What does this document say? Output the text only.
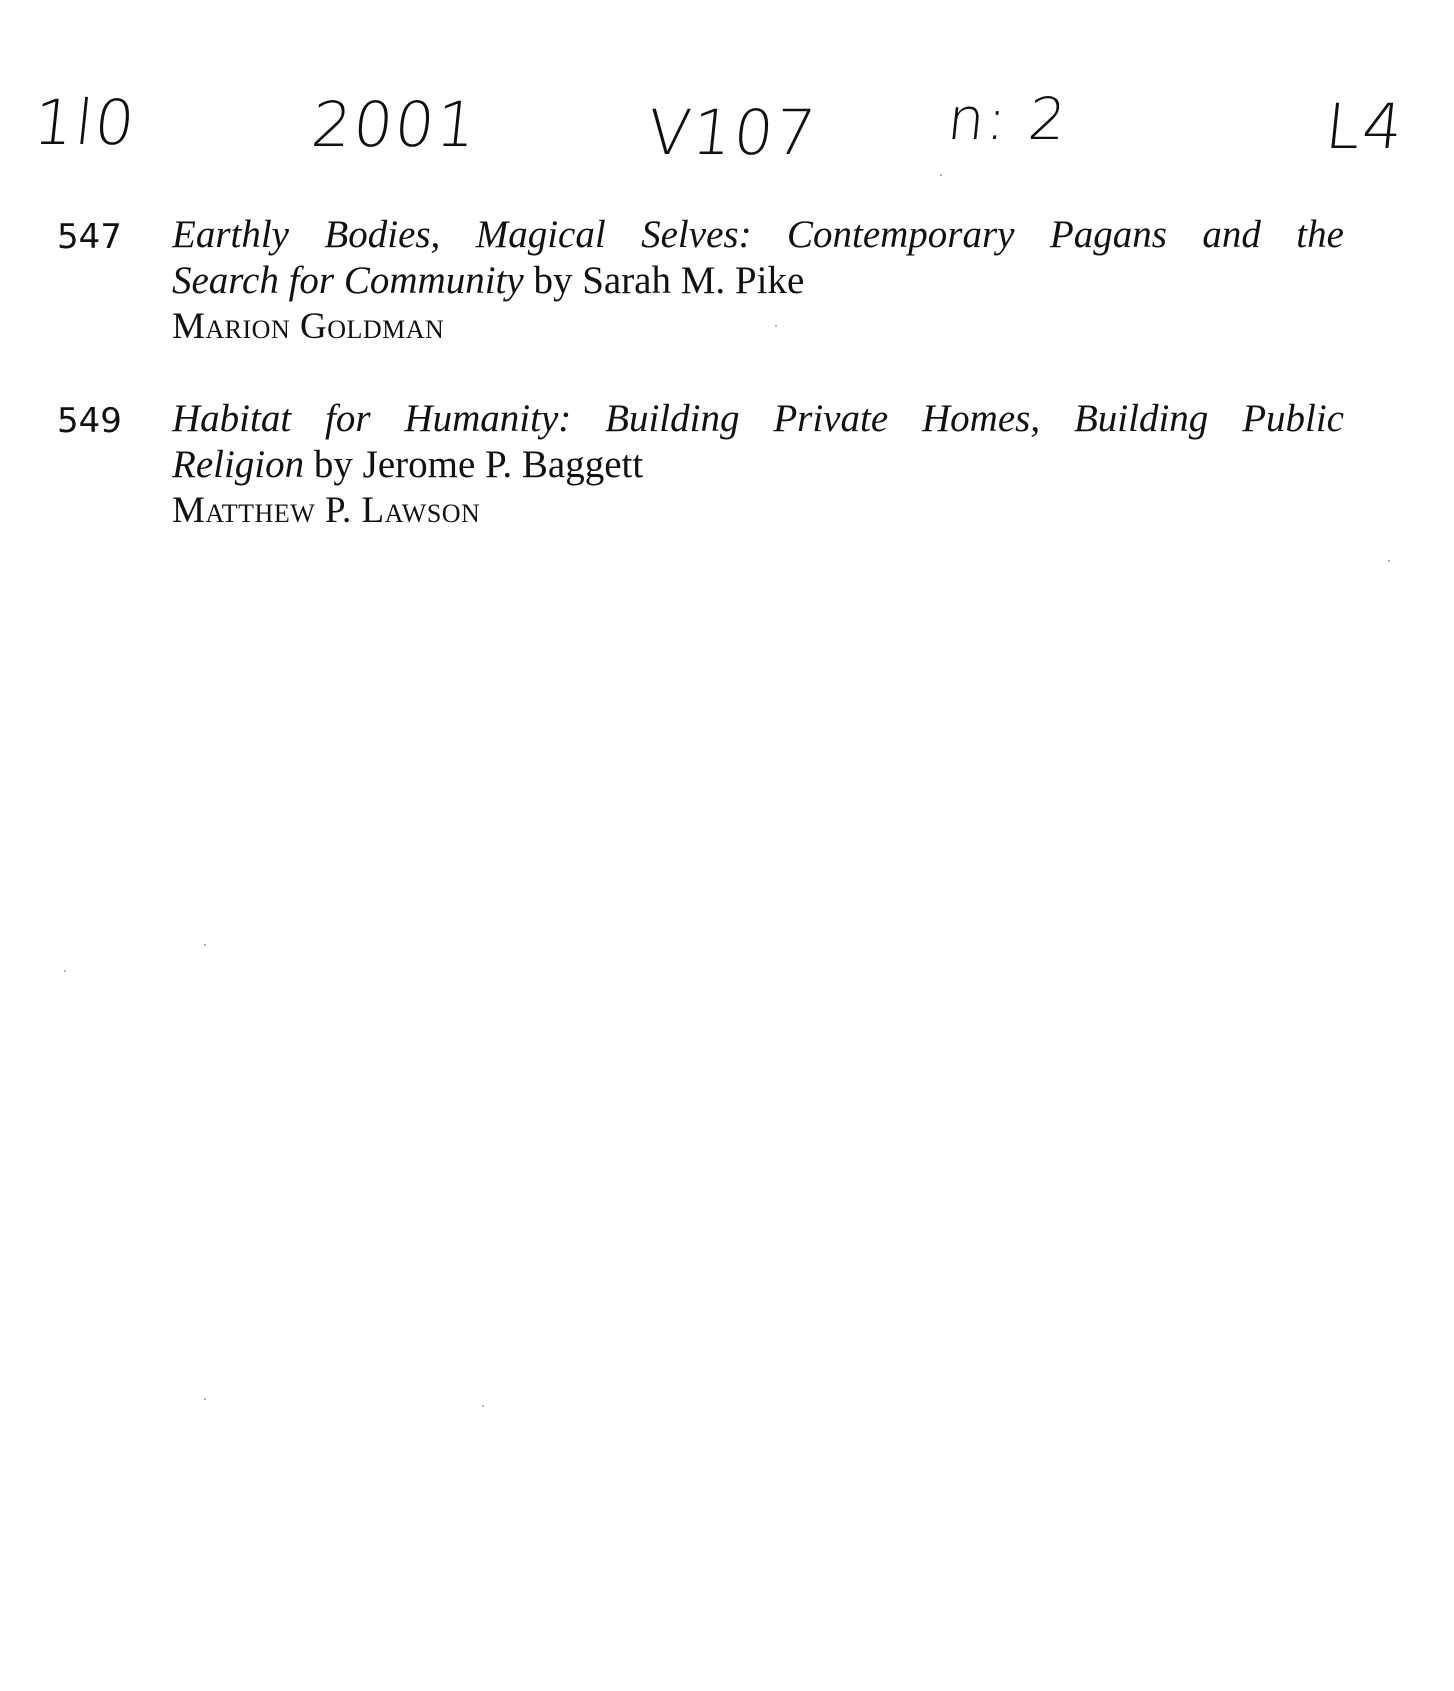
1ⅼ0	2001	V107 n: 2	L4
547 Earthly Bodies, Magical Selves: Contemporary Pagans and the
Search for Community by Sarah M. Pike
Marion Goldman
549 Habitat for Humanity: Building Private Homes, Building Public
Religion by Jerome P. Baggett
Matthew P. Lawson
